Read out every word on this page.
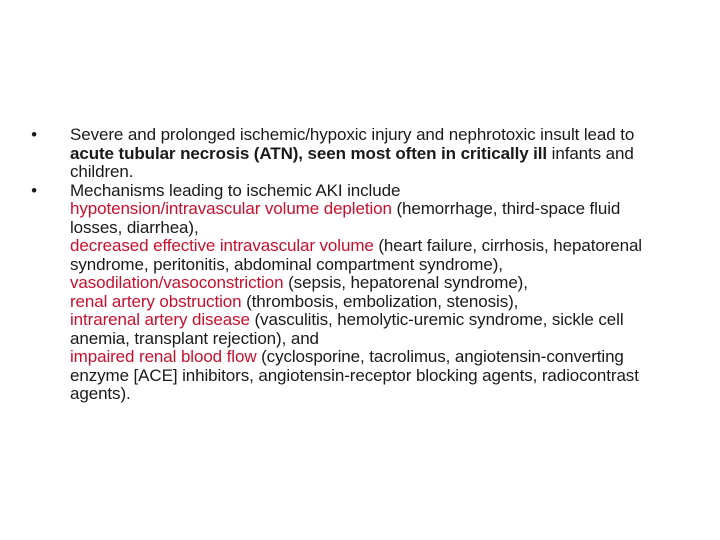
• Severe and prolonged ischemic/hypoxic injury and nephrotoxic insult lead to acute tubular necrosis (ATN), seen most often in critically ill infants and children.
• Mechanisms leading to ischemic AKI include
hypotension/intravascular volume depletion (hemorrhage, third-space fluid losses, diarrhea),
decreased effective intravascular volume (heart failure, cirrhosis, hepatorenal syndrome, peritonitis, abdominal compartment syndrome),
vasodilation/vasoconstriction (sepsis, hepatorenal syndrome),
renal artery obstruction (thrombosis, embolization, stenosis),
intrarenal artery disease (vasculitis, hemolytic-uremic syndrome, sickle cell anemia, transplant rejection), and
impaired renal blood flow (cyclosporine, tacrolimus, angiotensin-converting enzyme [ACE] inhibitors, angiotensin-receptor blocking agents, radiocontrast agents).
